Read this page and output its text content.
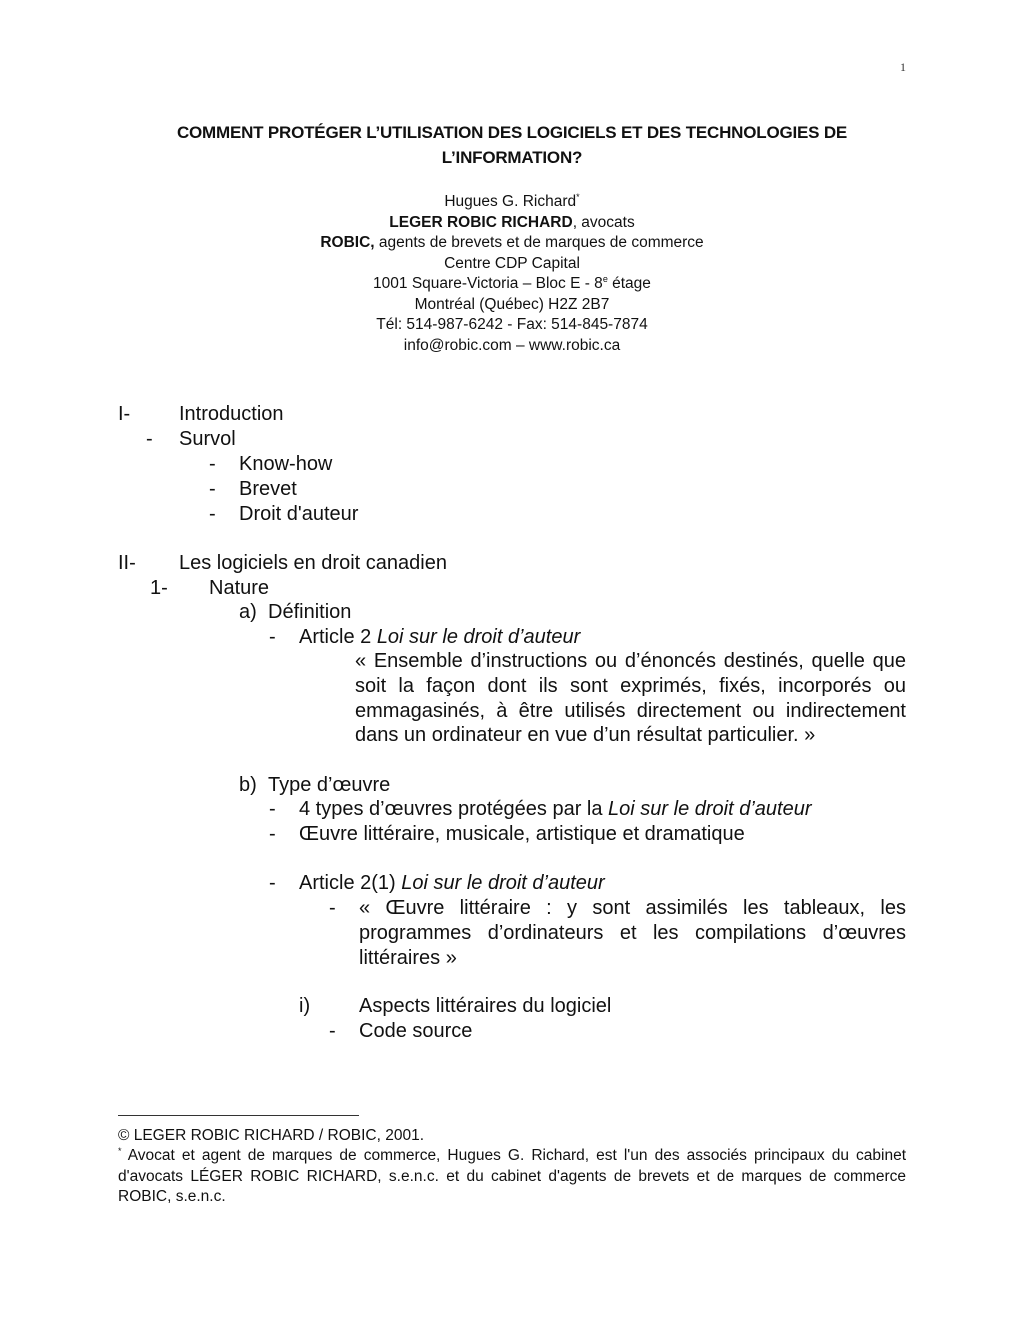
1
COMMENT PROTÉGER L’UTILISATION DES LOGICIELS ET DES TECHNOLOGIES DE L’INFORMATION?
Hugues G. Richard*
LEGER ROBIC RICHARD, avocats
ROBIC, agents de brevets et de marques de commerce
Centre CDP Capital
1001 Square-Victoria – Bloc E - 8e étage
Montréal (Québec) H2Z 2B7
Tél: 514-987-6242 - Fax: 514-845-7874
info@robic.com – www.robic.ca
I- Introduction
- Survol
- Know-how
- Brevet
- Droit d'auteur
II- Les logiciels en droit canadien
1- Nature
a) Définition
- Article 2 Loi sur le droit d’auteur
« Ensemble d’instructions ou d’énoncés destinés, quelle que soit la façon dont ils sont exprimés, fixés, incorporés ou emmagasinés, à être utilisés directement ou indirectement dans un ordinateur en vue d’un résultat particulier. »
b) Type d’œuvre
- 4 types d’œuvres protégées par la Loi sur le droit d’auteur
- Œuvre littéraire, musicale, artistique et dramatique
- Article 2(1) Loi sur le droit d’auteur
- « Œuvre littéraire : y sont assimilés les tableaux, les programmes d’ordinateurs et les compilations d’œuvres littéraires »
i) Aspects littéraires du logiciel
- Code source
© LEGER ROBIC RICHARD / ROBIC, 2001.
* Avocat et agent de marques de commerce, Hugues G. Richard, est l'un des associés principaux du cabinet d'avocats LÉGER ROBIC RICHARD, s.e.n.c. et du cabinet d'agents de brevets et de marques de commerce ROBIC, s.e.n.c.
